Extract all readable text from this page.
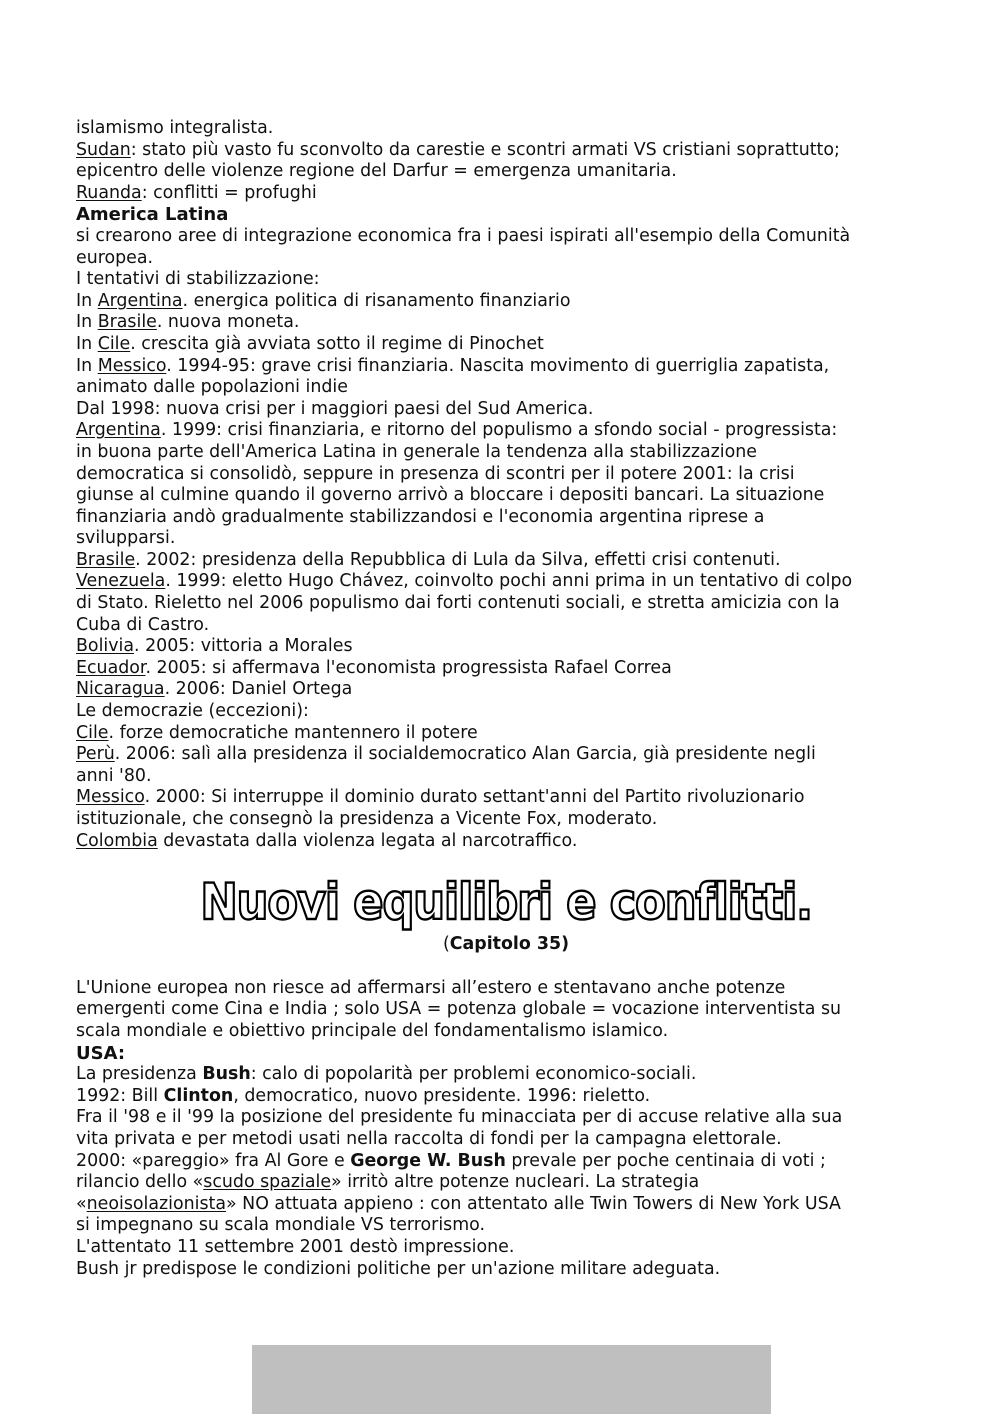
islamismo integralista.
Sudan: stato più vasto fu sconvolto da carestie e scontri armati VS cristiani soprattutto;
epicentro delle violenze regione del Darfur = emergenza umanitaria.
Ruanda: conflitti = profughi
America Latina
si crearono aree di integrazione economica fra i paesi ispirati all'esempio della Comunità
europea.
I tentativi di stabilizzazione:
In Argentina. energica politica di risanamento finanziario
In Brasile. nuova moneta.
In Cile. crescita già avviata sotto il regime di Pinochet
In Messico. 1994-95: grave crisi finanziaria. Nascita movimento di guerriglia zapatista,
animato dalle popolazioni indie
Dal 1998: nuova crisi per i maggiori paesi del Sud America.
Argentina. 1999: crisi finanziaria, e ritorno del populismo a sfondo social - progressista:
in buona parte dell'America Latina in generale la tendenza alla stabilizzazione
democratica si consolidò, seppure in presenza di scontri per il potere 2001: la crisi
giunse al culmine quando il governo arrivò a bloccare i depositi bancari. La situazione
finanziaria andò gradualmente stabilizzandosi e l'economia argentina riprese a
svilupparsi.
Brasile. 2002: presidenza della Repubblica di Lula da Silva, effetti crisi contenuti.
Venezuela. 1999: eletto Hugo Chávez, coinvolto pochi anni prima in un tentativo di colpo
di Stato. Rieletto nel 2006 populismo dai forti contenuti sociali, e stretta amicizia con la
Cuba di Castro.
Bolivia. 2005: vittoria a Morales
Ecuador. 2005: si affermava l'economista progressista Rafael Correa
Nicaragua. 2006: Daniel Ortega
Le democrazie (eccezioni):
Cile. forze democratiche mantennero il potere
Perù. 2006: salì alla presidenza il socialdemocratico Alan Garcia, già presidente negli
anni '80.
Messico. 2000: Si interruppe il dominio durato settant'anni del Partito rivoluzionario
istituzionale, che consegnò la presidenza a Vicente Fox, moderato.
Colombia devastata dalla violenza legata al narcotraffico.
Nuovi equilibri e conflitti.
(Capitolo 35)
L'Unione europea non riesce ad affermarsi all’estero e stentavano anche potenze
emergenti come Cina e India ; solo USA = potenza globale = vocazione interventista su
scala mondiale e obiettivo principale del fondamentalismo islamico.
USA:
La presidenza Bush: calo di popolarità per problemi economico-sociali.
1992: Bill Clinton, democratico, nuovo presidente. 1996: rieletto.
Fra il '98 e il '99 la posizione del presidente fu minacciata per di accuse relative alla sua
vita privata e per metodi usati nella raccolta di fondi per la campagna elettorale.
2000: «pareggio» fra Al Gore e George W. Bush prevale per poche centinaia di voti ;
rilancio dello «scudo spaziale» irritò altre potenze nucleari. La strategia
«neoisolazionista» NO attuata appieno : con attentato alle Twin Towers di New York USA
si impegnano su scala mondiale VS terrorismo.
L'attentato 11 settembre 2001 destò impressione.
Bush jr predispose le condizioni politiche per un'azione militare adeguata.
